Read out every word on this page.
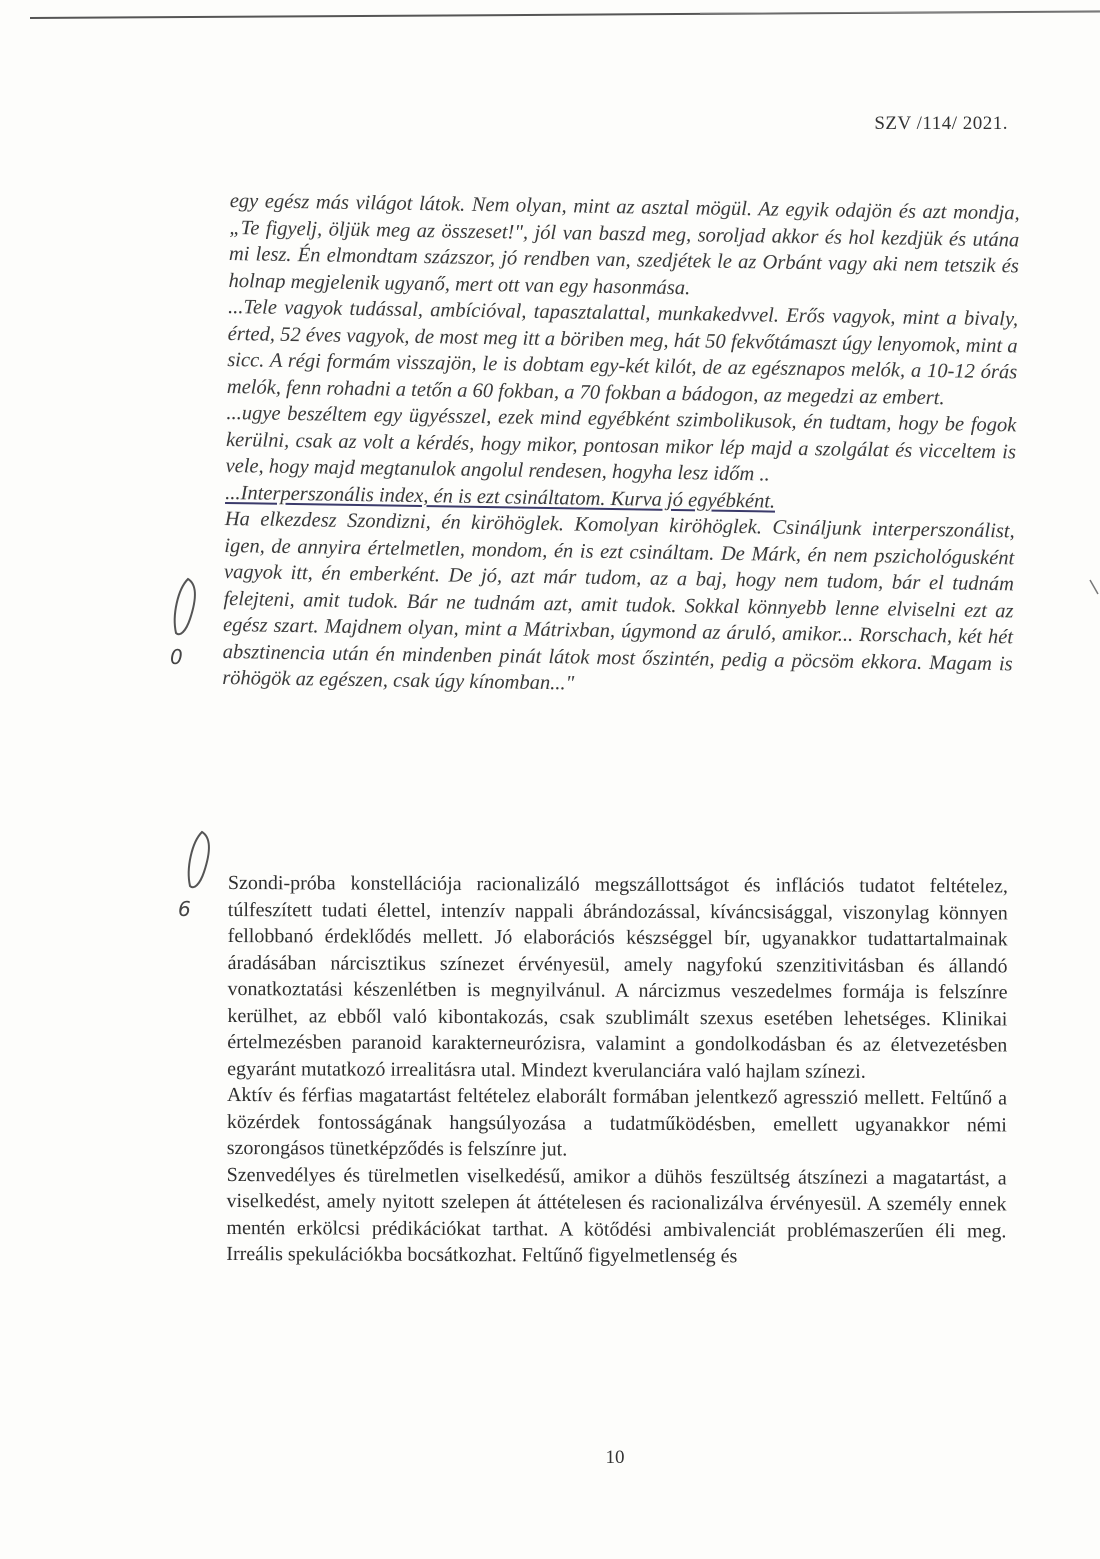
SZV /114/ 2021.
0
6

egy egész más világot látok. Nem olyan, mint az asztal mögül. Az egyik odajön és azt mondja, „Te figyelj, öljük meg az összeset!", jól van baszd meg, soroljad akkor és hol kezdjük és utána mi lesz. Én elmondtam százszor, jó rendben van, szedjétek le az Orbánt vagy aki nem tetszik és holnap megjelenik ugyanő, mert ott van egy hasonmása.

...Tele vagyok tudással, ambícióval, tapasztalattal, munkakedvvel. Erős vagyok, mint a bivaly, érted, 52 éves vagyok, de most meg itt a böriben meg, hát 50 fekvőtámaszt úgy lenyomok, mint a sicc. A régi formám visszajön, le is dobtam egy-két kilót, de az egésznapos melók, a 10-12 órás melók, fenn rohadni a tetőn a 60 fokban, a 70 fokban a bádogon, az megedzi az embert.

...ugye beszéltem egy ügyésszel, ezek mind egyébként szimbolikusok, én tudtam, hogy be fogok kerülni, csak az volt a kérdés, hogy mikor, pontosan mikor lép majd a szolgálat és vicceltem is vele, hogy majd megtanulok angolul rendesen, hogyha lesz időm ..

...Interperszonális index, én is ezt csináltatom. Kurva jó egyébként.

Ha elkezdesz Szondizni, én kiröhöglek. Komolyan kiröhöglek. Csináljunk interperszonálist, igen, de annyira értelmetlen, mondom, én is ezt csináltam. De Márk, én nem pszichológusként vagyok itt, én emberként. De jó, azt már tudom, az a baj, hogy nem tudom, bár el tudnám felejteni, amit tudok. Bár ne tudnám azt, amit tudok. Sokkal könnyebb lenne elviselni ezt az egész szart. Majdnem olyan, mint a Mátrixban, úgymond az áruló, amikor... Rorschach, két hét absztinencia után én mindenben pinát látok most őszintén, pedig a pöcsöm ekkora. Magam is röhögök az egészen, csak úgy kínomban..."

Szondi-próba konstellációja racionalizáló megszállottságot és inflációs tudatot feltételez, túlfeszített tudati élettel, intenzív nappali ábrándozással, kíváncsisággal, viszonylag könnyen fellobbanó érdeklődés mellett. Jó elaborációs készséggel bír, ugyanakkor tudattartalmainak áradásában nárcisztikus színezet érvényesül, amely nagyfokú szenzitivitásban és állandó vonatkoztatási készenlétben is megnyilvánul. A nárcizmus veszedelmes formája is felszínre kerülhet, az ebből való kibontakozás, csak szublimált szexus esetében lehetséges. Klinikai értelmezésben paranoid karakterneurózisra, valamint a gondolkodásban és az életvezetésben egyaránt mutatkozó irrealitásra utal. Mindezt kverulanciára való hajlam színezi.

Aktív és férfias magatartást feltételez elaborált formában jelentkező agresszió mellett. Feltűnő a közérdek fontosságának hangsúlyozása a tudatműködésben, emellett ugyanakkor némi szorongásos tünetképződés is felszínre jut.

Szenvedélyes és türelmetlen viselkedésű, amikor a dühös feszültség átszínezi a magatartást, a viselkedést, amely nyitott szelepen át áttételesen és racionalizálva érvényesül. A személy ennek mentén erkölcsi prédikációkat tarthat. A kötődési ambivalenciát problémaszerűen éli meg. Irreális spekulációkba bocsátkozhat. Feltűnő figyelmetlenség és

10
